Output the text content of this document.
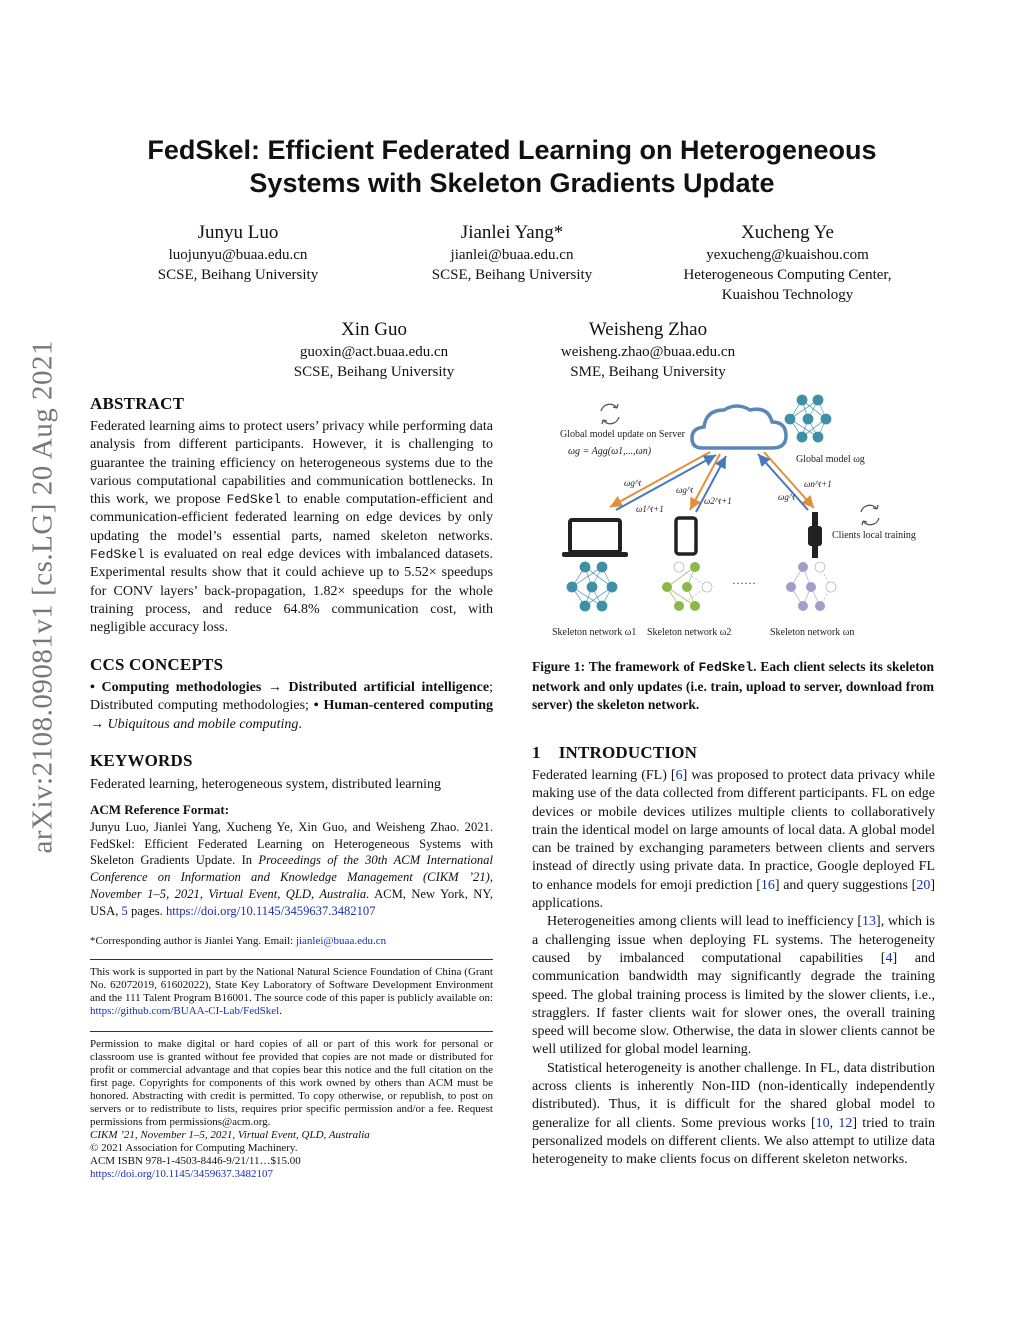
arXiv:2108.09081v1 [cs.LG] 20 Aug 2021
FedSkel: Efficient Federated Learning on Heterogeneous Systems with Skeleton Gradients Update
Junyu Luo
luojunyu@buaa.edu.cn
SCSE, Beihang University
Jianlei Yang*
jianlei@buaa.edu.cn
SCSE, Beihang University
Xucheng Ye
yexucheng@kuaishou.com
Heterogeneous Computing Center,
Kuaishou Technology
Xin Guo
guoxin@act.buaa.edu.cn
SCSE, Beihang University
Weisheng Zhao
weisheng.zhao@buaa.edu.cn
SME, Beihang University
ABSTRACT
Federated learning aims to protect users’ privacy while performing data analysis from different participants. However, it is challenging to guarantee the training efficiency on heterogeneous systems due to the various computational capabilities and communication bottlenecks. In this work, we propose FedSkel to enable computation-efficient and communication-efficient federated learning on edge devices by only updating the model’s essential parts, named skeleton networks. FedSkel is evaluated on real edge devices with imbalanced datasets. Experimental results show that it could achieve up to 5.52× speedups for CONV layers’ back-propagation, 1.82× speedups for the whole training process, and reduce 64.8% communication cost, with negligible accuracy loss.
CCS CONCEPTS
• Computing methodologies → Distributed artificial intelligence; Distributed computing methodologies; • Human-centered computing → Ubiquitous and mobile computing.
KEYWORDS
Federated learning, heterogeneous system, distributed learning
ACM Reference Format:
Junyu Luo, Jianlei Yang, Xucheng Ye, Xin Guo, and Weisheng Zhao. 2021. FedSkel: Efficient Federated Learning on Heterogeneous Systems with Skeleton Gradients Update. In Proceedings of the 30th ACM International Conference on Information and Knowledge Management (CIKM ’21), November 1–5, 2021, Virtual Event, QLD, Australia. ACM, New York, NY, USA, 5 pages. https://doi.org/10.1145/3459637.3482107
*Corresponding author is Jianlei Yang. Email: jianlei@buaa.edu.cn
This work is supported in part by the National Natural Science Foundation of China (Grant No. 62072019, 61602022), State Key Laboratory of Software Development Environment and the 111 Talent Program B16001. The source code of this paper is publicly available on: https://github.com/BUAA-CI-Lab/FedSkel.
Permission to make digital or hard copies of all or part of this work for personal or classroom use is granted without fee provided that copies are not made or distributed for profit or commercial advantage and that copies bear this notice and the full citation on the first page. Copyrights for components of this work owned by others than ACM must be honored. Abstracting with credit is permitted. To copy otherwise, or republish, to post on servers or to redistribute to lists, requires prior specific permission and/or a fee. Request permissions from permissions@acm.org.
CIKM ’21, November 1–5, 2021, Virtual Event, QLD, Australia
© 2021 Association for Computing Machinery.
ACM ISBN 978-1-4503-8446-9/21/11…$15.00
https://doi.org/10.1145/3459637.3482107
Global model update on Server
ωg = Agg(ω1,...,ωn)
Global model ωg
ωg^t
ω1^t+1
ωg^t
ω2^t+1	ωg^t
ωn^t+1
Clients local training
……
Skeleton network ω1 Skeleton network ω2	Skeleton network ωn
Figure 1: The framework of FedSkel. Each client selects its skeleton network and only updates (i.e. train, upload to server, download from server) the skeleton network.
1 INTRODUCTION
Federated learning (FL) [6] was proposed to protect data privacy while making use of the data collected from different participants. FL on edge devices or mobile devices utilizes multiple clients to collaboratively train the identical model on large amounts of local data. A global model can be trained by exchanging parameters between clients and servers instead of directly using private data. In practice, Google deployed FL to enhance models for emoji prediction [16] and query suggestions [20] applications.
Heterogeneities among clients will lead to inefficiency [13], which is a challenging issue when deploying FL systems. The heterogeneity caused by imbalanced computational capabilities [4] and communication bandwidth may significantly degrade the training speed. The global training process is limited by the slower clients, i.e., stragglers. If faster clients wait for slower ones, the overall training speed will become slow. Otherwise, the data in slower clients cannot be well utilized for global model learning.
Statistical heterogeneity is another challenge. In FL, data distribution across clients is inherently Non-IID (non-identically independently distributed). Thus, it is difficult for the shared global model to generalize for all clients. Some previous works [10, 12] tried to train personalized models on different clients. We also attempt to utilize data heterogeneity to make clients focus on different skeleton networks.
